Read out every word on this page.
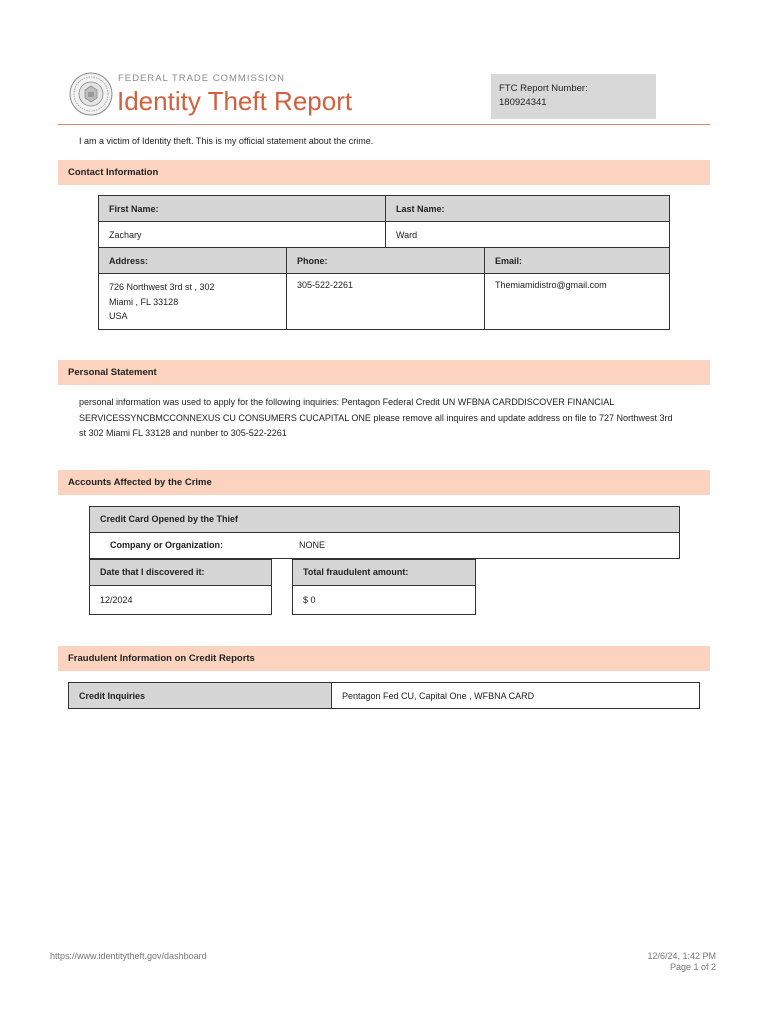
FEDERAL TRADE COMMISSION
Identity Theft Report	FTC Report Number:
180924341
I am a victim of Identity theft. This is my official statement about the crime.
Contact Information
First Name:	Last Name:
Zachary	Ward
Address:	Phone:	Email:

726 Northwest 3rd st , 302
Miami , FL 33128
USA	305-522-2261	Themiamidistro@gmail.com
Personal Statement
personal information was used to apply for the following inquiries: Pentagon Federal Credit UN WFBNA CARDDISCOVER FINANCIAL SERVICESSYNCBMCCONNEXUS CU CONSUMERS CUCAPITAL ONE please remove all inquires and update address on file to 727 Northwest 3rd st 302 Miami FL 33128 and nunber to 305-522-2261
Accounts Affected by the Crime
Credit Card Opened by the Thief
Company or Organization:	NONE
Date that I discovered it:
12/2024
Total fraudulent amount:
$ 0
Fraudulent Information on Credit Reports
Credit Inquiries	Pentagon Fed CU, Capital One , WFBNA CARD
https://www.identitytheft.gov/dashboard	12/6/24, 1:42 PM
Page 1 of 2
